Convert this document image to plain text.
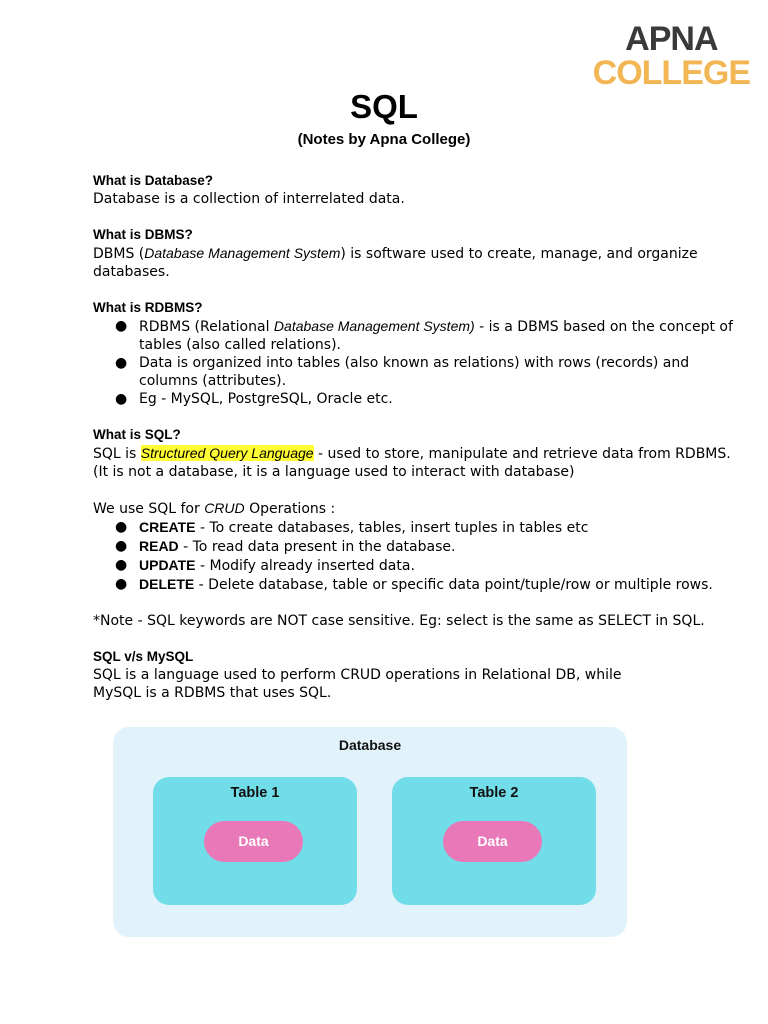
APNA
COLLEGE
SQL
(Notes by Apna College)
What is Database?

Database is a collection of interrelated data.

What is DBMS?

DBMS (Database Management System) is software used to create, manage, and organize databases.

What is RDBMS?
● RDBMS (Relational Database Management System) - is a DBMS based on the concept of tables (also called relations).
● Data is organized into tables (also known as relations) with rows (records) and columns (attributes).
● Eg - MySQL, PostgreSQL, Oracle etc.
What is SQL?

SQL is Structured Query Language - used to store, manipulate and retrieve data from RDBMS.

(It is not a database, it is a language used to interact with database)

We use SQL for CRUD Operations :

● CREATE - To create databases, tables, insert tuples in tables etc
● READ - To read data present in the database.
● UPDATE - Modify already inserted data.
● DELETE - Delete database, table or specific data point/tuple/row or multiple rows.

*Note - SQL keywords are NOT case sensitive. Eg: select is the same as SELECT in SQL.

SQL v/s MySQL

SQL is a language used to perform CRUD operations in Relational DB, while

MySQL is a RDBMS that uses SQL.

Database
Table 1
Data
Table 2
Data
